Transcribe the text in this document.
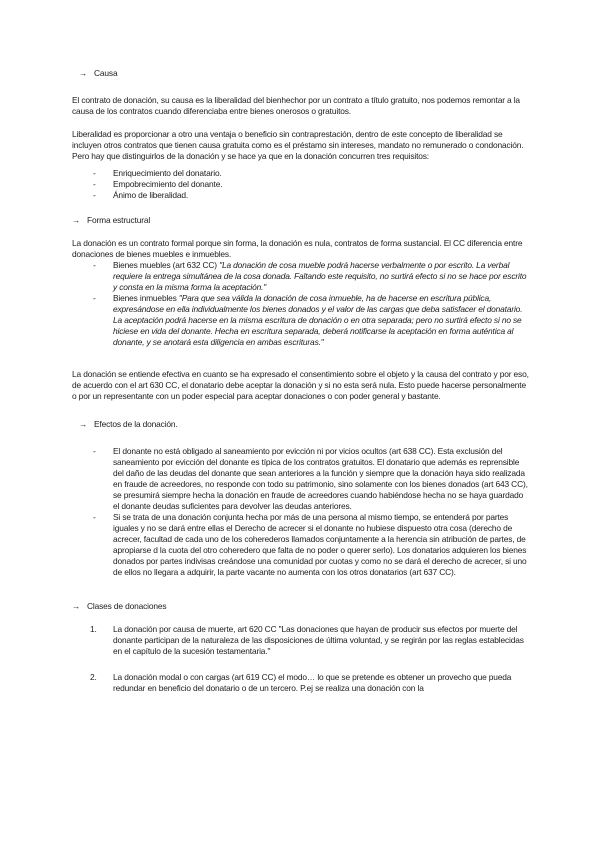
→ Causa

El contrato de donación, su causa es la liberalidad del bienhechor por un contrato a título gratuito, nos podemos remontar a la causa de los contratos cuando diferenciaba entre bienes onerosos o gratuitos.

Liberalidad es proporcionar a otro una ventaja o beneficio sin contraprestación, dentro de este concepto de liberalidad se incluyen otros contratos que tienen causa gratuita como es el préstamo sin intereses, mandato no remunerado o condonación. Pero hay que distinguirlos de la donación y se hace ya que en la donación concurren tres requisitos:

-	Enriquecimiento del donatario.
-	Empobrecimiento del donante.
-	Ánimo de liberalidad.
→ Forma estructural

La donación es un contrato formal porque sin forma, la donación es nula, contratos de forma sustancial. El CC diferencia entre donaciones de bienes muebles e inmuebles.

-	Bienes muebles (art 632 CC) "La donación de cosa mueble podrá hacerse verbalmente o por escrito. La verbal requiere la entrega simultánea de la cosa donada. Faltando este requisito, no surtirá efecto si no se hace por escrito y consta en la misma forma la aceptación."
-	Bienes inmuebles "Para que sea válida la donación de cosa inmueble, ha de hacerse en escritura pública, expresándose en ella individualmente los bienes donados y el valor de las cargas que deba satisfacer el donatario. La aceptación podrá hacerse en la misma escritura de donación o en otra separada; pero no surtirá efecto si no se hiciese en vida del donante. Hecha en escritura separada, deberá notificarse la aceptación en forma auténtica al donante, y se anotará esta diligencia en ambas escrituras."

La donación se entiende efectiva en cuanto se ha expresado el consentimiento sobre el objeto y la causa del contrato y por eso, de acuerdo con el art 630 CC, el donatario debe aceptar la donación y si no esta será nula. Esto puede hacerse personalmente o por un representante con un poder especial para aceptar donaciones o con poder general y bastante.

→ Efectos de la donación.
-	El donante no está obligado al saneamiento por evicción ni por vicios ocultos (art 638 CC). Esta exclusión del saneamiento por evicción del donante es típica de los contratos gratuitos. El donatario que además es reprensible del daño de las deudas del donante que sean anteriores a la función y siempre que la donación haya sido realizada en fraude de acreedores, no responde con todo su patrimonio, sino solamente con los bienes donados (art 643 CC), se presumirá siempre hecha la donación en fraude de acreedores cuando habiéndose hecha no se haya guardado el donante deudas suficientes para devolver las deudas anteriores.
-	Si se trata de una donación conjunta hecha por más de una persona al mismo tiempo, se entenderá por partes iguales y no se dará entre ellas el Derecho de acrecer si el donante no hubiese dispuesto otra cosa (derecho de acrecer, facultad de cada uno de los coherederos llamados conjuntamente a la herencia sin atribución de partes, de apropiarse d la cuota del otro coheredero que falta de no poder o querer serlo). Los donatarios adquieren los bienes donados por partes indivisas creándose una comunidad por cuotas y como no se dará el derecho de acrecer, si uno de ellos no llegara a adquirir, la parte vacante no aumenta con los otros donatarios (art 637 CC).
→ Clases de donaciones
1.	La donación por causa de muerte, art 620 CC "Las donaciones que hayan de producir sus efectos por muerte del donante participan de la naturaleza de las disposiciones de última voluntad, y se regirán por las reglas establecidas en el capítulo de la sucesión testamentaria."
2.	La donación modal o con cargas (art 619 CC) el modo… lo que se pretende es obtener un provecho que pueda redundar en beneficio del donatario o de un tercero. P.ej se realiza una donación con la
